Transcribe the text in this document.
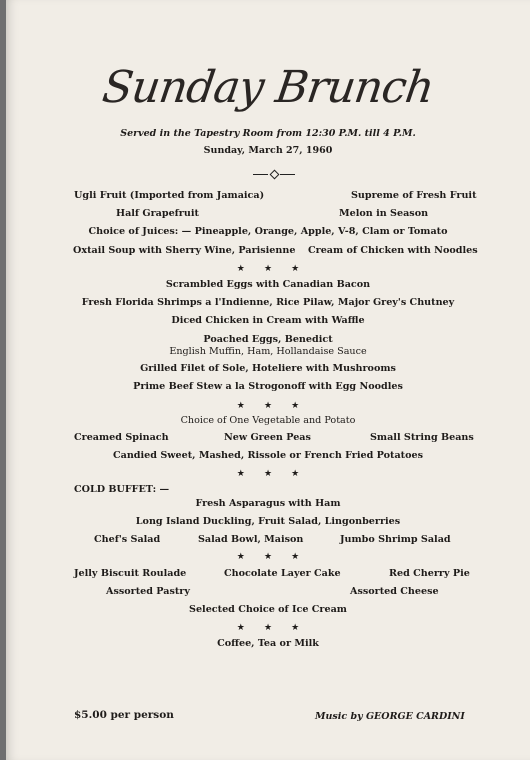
Sunday Brunch
Served in the Tapestry Room from 12:30 P.M. till 4 P.M.
Sunday, March 27, 1960
Ugli Fruit (Imported from Jamaica)	Supreme of Fresh Fruit
Half Grapefruit	Melon in Season
Choice of Juices: — Pineapple, Orange, Apple, V-8, Clam or Tomato
Oxtail Soup with Sherry Wine, Parisienne Cream of Chicken with Noodles
★ ★ ★
Scrambled Eggs with Canadian Bacon
Fresh Florida Shrimps a l'Indienne, Rice Pilaw, Major Grey's Chutney
Diced Chicken in Cream with Waffle
Poached Eggs, Benedict
English Muffin, Ham, Hollandaise Sauce
Grilled Filet of Sole, Hoteliere with Mushrooms
Prime Beef Stew a la Strogonoff with Egg Noodles
★ ★ ★
Choice of One Vegetable and Potato
Creamed Spinach	New Green Peas	Small String Beans
Candied Sweet, Mashed, Rissole or French Fried Potatoes
★ ★ ★
COLD BUFFET: —
Fresh Asparagus with Ham
Long Island Duckling, Fruit Salad, Lingonberries
Chef's Salad	Salad Bowl, Maison	Jumbo Shrimp Salad
★ ★ ★
Jelly Biscuit Roulade	Chocolate Layer Cake	Red Cherry Pie
Assorted Pastry	Assorted Cheese
Selected Choice of Ice Cream
★ ★ ★
Coffee, Tea or Milk
$5.00 per person	Music by GEORGE CARDINI
